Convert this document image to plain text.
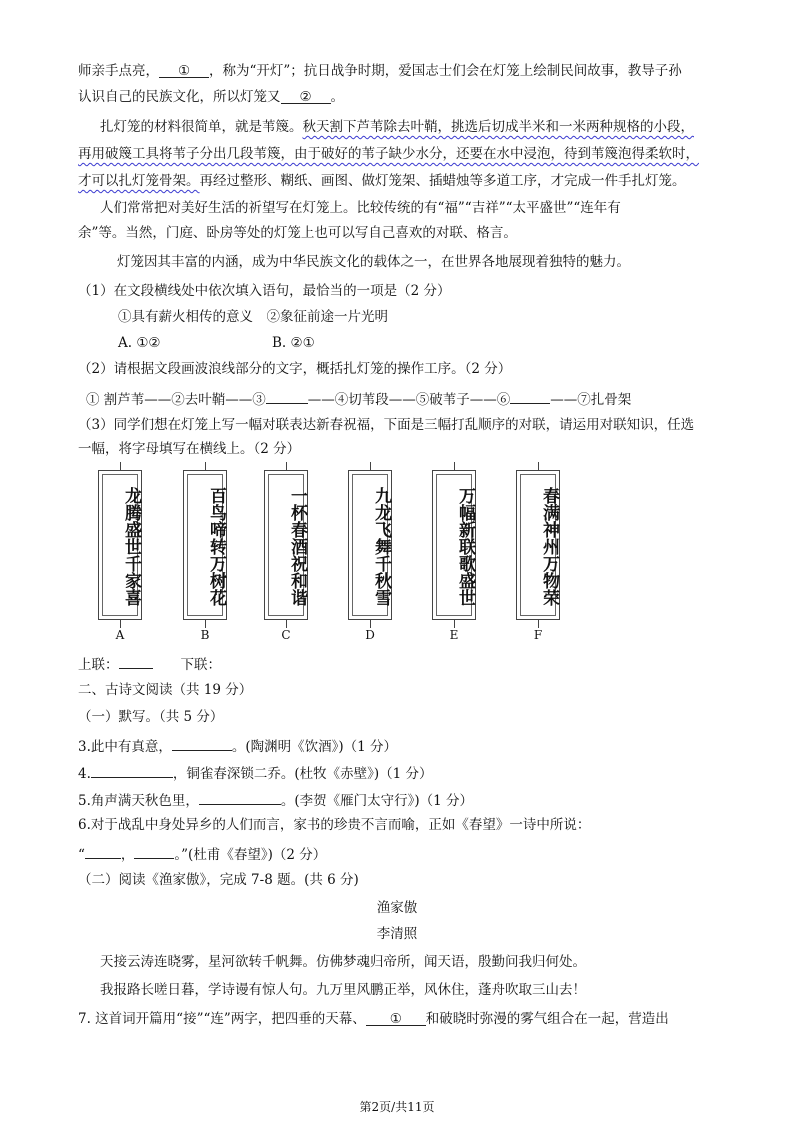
师亲手点亮， ① ，称为“开灯”；抗日战争时期，爱国志士们会在灯笼上绘制民间故事，教导子孙
认识自己的民族文化，所以灯笼又 ② 。
扎灯笼的材料很简单，就是苇篾。秋天割下芦苇除去叶鞘，挑选后切成半米和一米两种规格的小段，
再用破篾工具将苇子分出几段苇篾，由于破好的苇子缺少水分，还要在水中浸泡，待到苇篾泡得柔软时，
才可以扎灯笼骨架。再经过整形、糊纸、画图、做灯笼架、插蜡烛等多道工序，才完成一件手扎灯笼。
人们常常把对美好生活的祈望写在灯笼上。比较传统的有“福”“吉祥”“太平盛世”“连年有
余”等。当然，门庭、卧房等处的灯笼上也可以写自己喜欢的对联、格言。
灯笼因其丰富的内涵，成为中华民族文化的载体之一，在世界各地展现着独特的魅力。
（1）在文段横线处中依次填入语句，最恰当的一项是（2 分）
①具有薪火相传的意义　②象征前途一片光明
A. ①②	B. ②①
（2）请根据文段画波浪线部分的文字，概括扎灯笼的操作工序。（2 分）
① 割芦苇——②去叶鞘——③	——④切苇段——⑤破苇子——⑥	——⑦扎骨架
（3）同学们想在灯笼上写一幅对联表达新春祝福，下面是三幅打乱顺序的对联，请运用对联知识，任选
一幅，将字母填写在横线上。（2 分）
龙腾盛世千家喜
A
百鸟啼转万树花
B
一杯春酒祝和谐
C
九龙飞舞千秋雪
D
万幅新联歌盛世
E
春满神州万物荣
F
上联：	下联：
二、古诗文阅读（共 19 分）
（一）默写。（共 5 分）
3.此中有真意，	。(陶渊明《饮酒》)（1 分）
4.	，铜雀春深锁二乔。(杜牧《赤壁》)（1 分）
5.角声满天秋色里，	。(李贺《雁门太守行》)（1 分）
6.对于战乱中身处异乡的人们而言，家书的珍贵不言而喻，正如《春望》一诗中所说：
“	，	。”(杜甫《春望》)（2 分）
（二）阅读《渔家傲》，完成 7-8 题。(共 6 分)
渔家傲
李清照
天接云涛连晓雾，星河欲转千帆舞。仿佛梦魂归帝所，闻天语，殷勤问我归何处。
我报路长嗟日暮，学诗谩有惊人句。九万里风鹏正举，风休住，蓬舟吹取三山去！
7. 这首词开篇用“接”“连”两字，把四垂的天幕、 ① 和破晓时弥漫的雾气组合在一起，营造出
第2页/共11页
